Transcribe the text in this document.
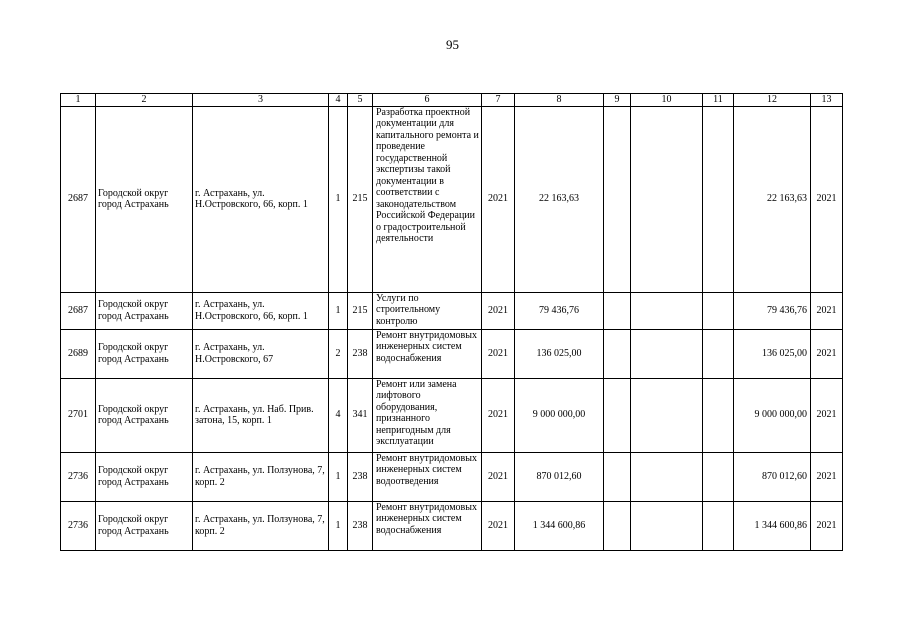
95
1	2	3	4	5	6	7	8	9	10	11	12	13
2687	Городской округ город Астрахань	г. Астрахань, ул. Н.Островского, 66, корп. 1	1	215	Разработка проектной документации для капитального ремонта и проведение государственной экспертизы такой документации в соответствии с законодательством Российской Федерации о градостроительной деятельности	2021	22 163,63				22 163,63	2021
2687	Городской округ город Астрахань	г. Астрахань, ул. Н.Островского, 66, корп. 1	1	215	Услуги по строительному контролю	2021	79 436,76				79 436,76	2021
2689	Городской округ город Астрахань	г. Астрахань, ул. Н.Островского, 67	2	238	Ремонт внутридомовых инженерных систем водоснабжения	2021	136 025,00				136 025,00	2021
2701	Городской округ город Астрахань	г. Астрахань, ул. Наб. Прив. затона, 15, корп. 1	4	341	Ремонт или замена лифтового оборудования, признанного непригодным для эксплуатации	2021	9 000 000,00				9 000 000,00	2021
2736	Городской округ город Астрахань	г. Астрахань, ул. Ползунова, 7, корп. 2	1	238	Ремонт внутридомовых инженерных систем водоотведения	2021	870 012,60				870 012,60	2021
2736	Городской округ город Астрахань	г. Астрахань, ул. Ползунова, 7, корп. 2	1	238	Ремонт внутридомовых инженерных систем водоснабжения	2021	1 344 600,86				1 344 600,86	2021
